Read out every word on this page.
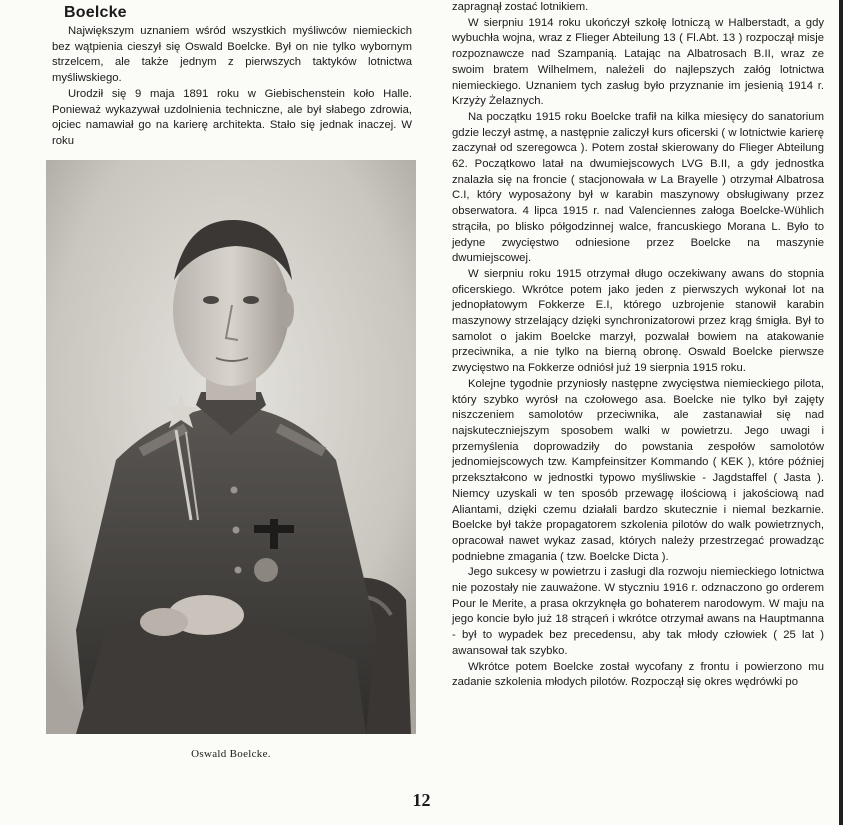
Boelcke

Największym uznaniem wśród wszystkich myśliwców niemieckich bez wątpienia cieszył się Oswald Boelcke. Był on nie tylko wybornym strzelcem, ale także jednym z pierwszych taktyków lotnictwa myśliwskiego.

Urodził się 9 maja 1891 roku w Giebischenstein koło Halle. Ponieważ wykazywał uzdolnienia techniczne, ale był słabego zdrowia, ojciec namawiał go na karierę architekta. Stało się jednak inaczej. W roku

Oswald Boelcke.

zapragnął zostać lotnikiem.

W sierpniu 1914 roku ukończył szkołę lotniczą w Halberstadt, a gdy wybuchła wojna, wraz z Flieger Abteilung 13 ( Fl.Abt. 13 ) rozpoczął misje rozpoznawcze nad Szampanią. Latając na Albatrosach B.II, wraz ze swoim bratem Wilhelmem, należeli do najlepszych załóg lotnictwa niemieckiego. Uznaniem tych zasług było przyznanie im jesienią 1914 r. Krzyży Żelaznych.

Na początku 1915 roku Boelcke trafił na kilka miesięcy do sanatorium gdzie leczył astmę, a następnie zaliczył kurs oficerski ( w lotnictwie karierę zaczynał od szeregowca ). Potem został skierowany do Flieger Abteilung 62. Początkowo latał na dwumiejscowych LVG B.II, a gdy jednostka znalazła się na froncie ( stacjonowała w La Brayelle ) otrzymał Albatrosa C.I, który wyposażony był w karabin maszynowy obsługiwany przez obserwatora. 4 lipca 1915 r. nad Valenciennes załoga Boelcke-Wühlich strąciła, po blisko półgodzinnej walce, francuskiego Morana L. Było to jedyne zwycięstwo odniesione przez Boelcke na maszynie dwumiejscowej.

W sierpniu roku 1915 otrzymał długo oczekiwany awans do stopnia oficerskiego. Wkrótce potem jako jeden z pierwszych wykonał lot na jednopłatowym Fokkerze E.I, którego uzbrojenie stanowił karabin maszynowy strzelający dzięki synchronizatorowi przez krąg śmigła. Był to samolot o jakim Boelcke marzył, pozwalał bowiem na atakowanie przeciwnika, a nie tylko na bierną obronę. Oswald Boelcke pierwsze zwycięstwo na Fokkerze odniósł już 19 sierpnia 1915 roku.

Kolejne tygodnie przyniosły następne zwycięstwa niemieckiego pilota, który szybko wyrósł na czołowego asa. Boelcke nie tylko był zajęty niszczeniem samolotów przeciwnika, ale zastanawiał się nad najskuteczniejszym sposobem walki w powietrzu. Jego uwagi i przemyślenia doprowadziły do powstania zespołów samolotów jednomiejscowych tzw. Kampfeinsitzer Kommando ( KEK ), które później przekształcono w jednostki typowo myśliwskie - Jagdstaffel ( Jasta ). Niemcy uzyskali w ten sposób przewagę ilościową i jakościową nad Aliantami, dzięki czemu działali bardzo skutecznie i niemal bezkarnie. Boelcke był także propagatorem szkolenia pilotów do walk powietrznych, opracował nawet wykaz zasad, których należy przestrzegać prowadząc podniebne zmagania ( tzw. Boelcke Dicta ).

Jego sukcesy w powietrzu i zasługi dla rozwoju niemieckiego lotnictwa nie pozostały nie zauważone. W styczniu 1916 r. odznaczono go orderem Pour le Merite, a prasa okrzyknęła go bohaterem narodowym. W maju na jego koncie było już 18 strąceń i wkrótce otrzymał awans na Hauptmanna - był to wypadek bez precedensu, aby tak młody człowiek ( 25 lat ) awansował tak szybko.

Wkrótce potem Boelcke został wycofany z frontu i powierzono mu zadanie szkolenia młodych pilotów. Rozpoczął się okres wędrówki po

12
